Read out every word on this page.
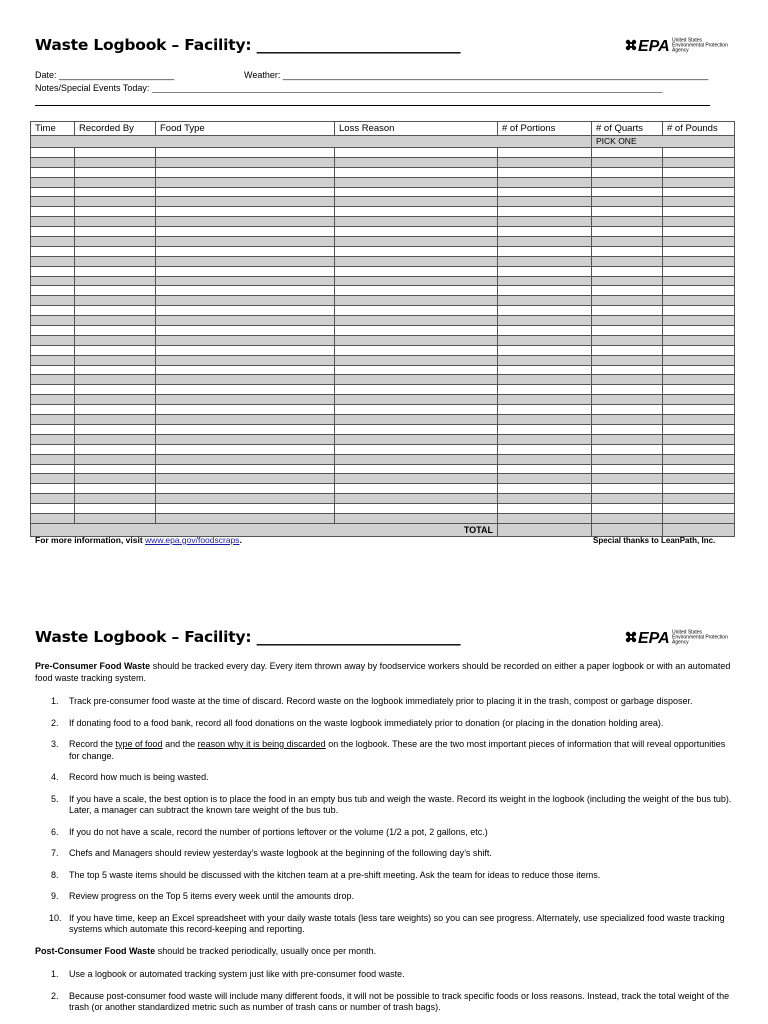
Waste Logbook – Facility: ___________________________	EPA United States
Environmental Protection
Agency
Date: _______________________	Weather: _____________________________________________________________________________________
Notes/Special Events Today: ______________________________________________________________________________________________________
Time	Recorded By	Food Type	Loss Reason	# of Portions	# of Quarts	# of Pounds
					PICK ONE	

TOTAL						
For more information, visit www.epa.gov/foodscraps.	Special thanks to LeanPath, Inc.
Waste Logbook – Facility: ___________________________	EPA United States
Environmental Protection
Agency

Pre-Consumer Food Waste should be tracked every day. Every item thrown away by foodservice workers should be recorded on either a paper logbook or with an automated food waste tracking system.

1. Track pre-consumer food waste at the time of discard. Record waste on the logbook immediately prior to placing it in the trash, compost or garbage disposer.
2. If donating food to a food bank, record all food donations on the waste logbook immediately prior to donation (or placing in the donation holding area).
3. Record the type of food and the reason why it is being discarded on the logbook. These are the two most important pieces of information that will reveal opportunities for change.
4. Record how much is being wasted.
5. If you have a scale, the best option is to place the food in an empty bus tub and weigh the waste. Record its weight in the logbook (including the weight of the bus tub). Later, a manager can subtract the known tare weight of the bus tub.
6. If you do not have a scale, record the number of portions leftover or the volume (1/2 a pot, 2 gallons, etc.)
7. Chefs and Managers should review yesterday’s waste logbook at the beginning of the following day’s shift.
8. The top 5 waste items should be discussed with the kitchen team at a pre-shift meeting. Ask the team for ideas to reduce those items.
9. Review progress on the Top 5 items every week until the amounts drop.
10. If you have time, keep an Excel spreadsheet with your daily waste totals (less tare weights) so you can see progress. Alternately, use specialized food waste tracking systems which automate this record-keeping and reporting.

Post-Consumer Food Waste should be tracked periodically, usually once per month.

1. Use a logbook or automated tracking system just like with pre-consumer food waste.
2. Because post-consumer food waste will include many different foods, it will not be possible to track specific foods or loss reasons. Instead, track the total weight of the trash (or another standardized metric such as number of trash cans or number of trash bags).
